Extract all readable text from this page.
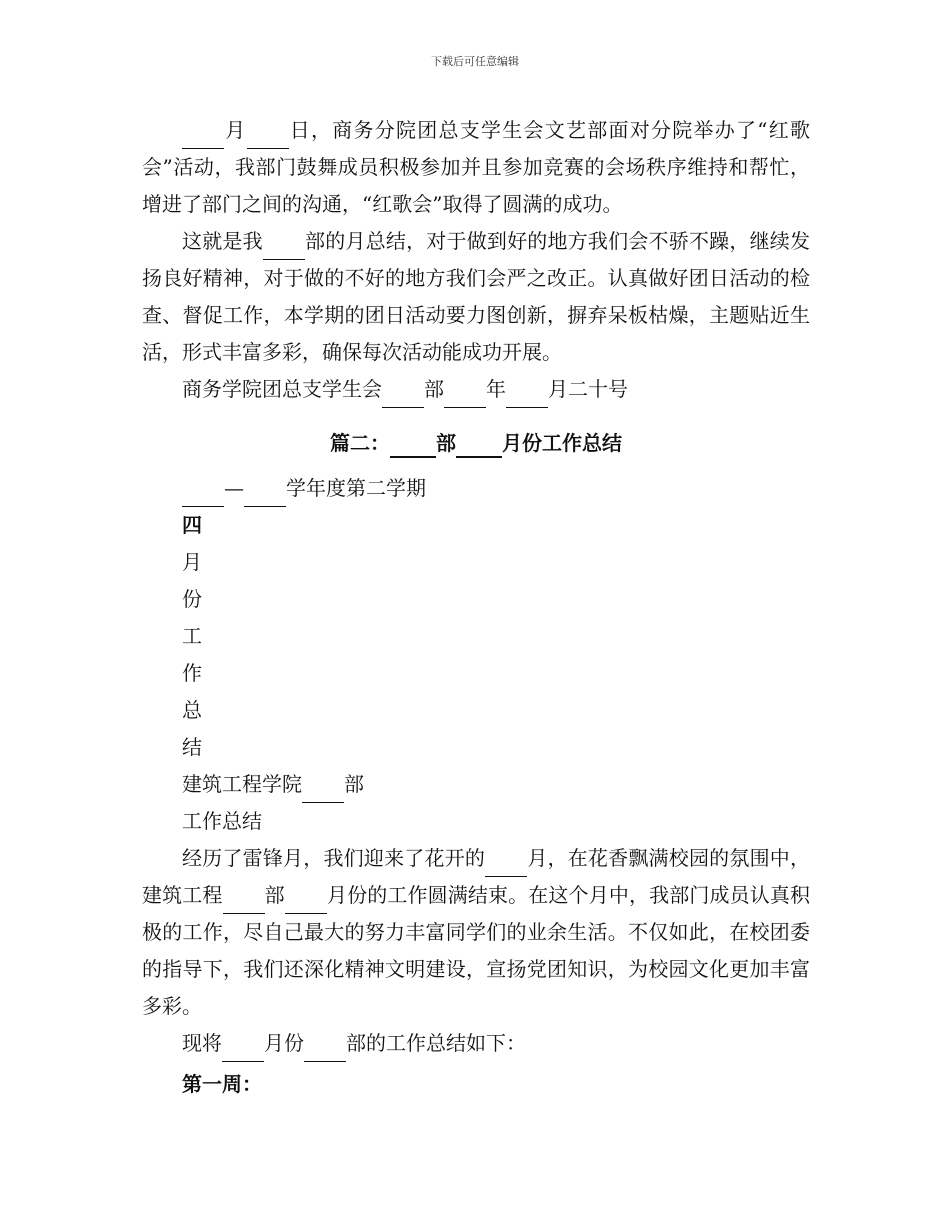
下载后可任意编辑

月 日，商务分院团总支学生会文艺部面对分院举办了“红歌会”活动，我部门鼓舞成员积极参加并且参加竞赛的会场秩序维持和帮忙，增进了部门之间的沟通，“红歌会”取得了圆满的成功。

这就是我 部的月总结，对于做到好的地方我们会不骄不躁，继续发扬良好精神，对于做的不好的地方我们会严之改正。认真做好团日活动的检查、督促工作，本学期的团日活动要力图创新，摒弃呆板枯燥，主题贴近生活，形式丰富多彩，确保每次活动能成功开展。

商务学院团总支学生会 部 年 月二十号

篇二： 部 月份工作总结

— 学年度第二学期

四

月

份

工

作

总

结

建筑工程学院 部

工作总结

经历了雷锋月，我们迎来了花开的 月，在花香飘满校园的氛围中，建筑工程 部 月份的工作圆满结束。在这个月中，我部门成员认真积极的工作，尽自己最大的努力丰富同学们的业余生活。不仅如此，在校团委的指导下，我们还深化精神文明建设，宣扬党团知识，为校园文化更加丰富多彩。

现将 月份 部的工作总结如下：

第一周：
